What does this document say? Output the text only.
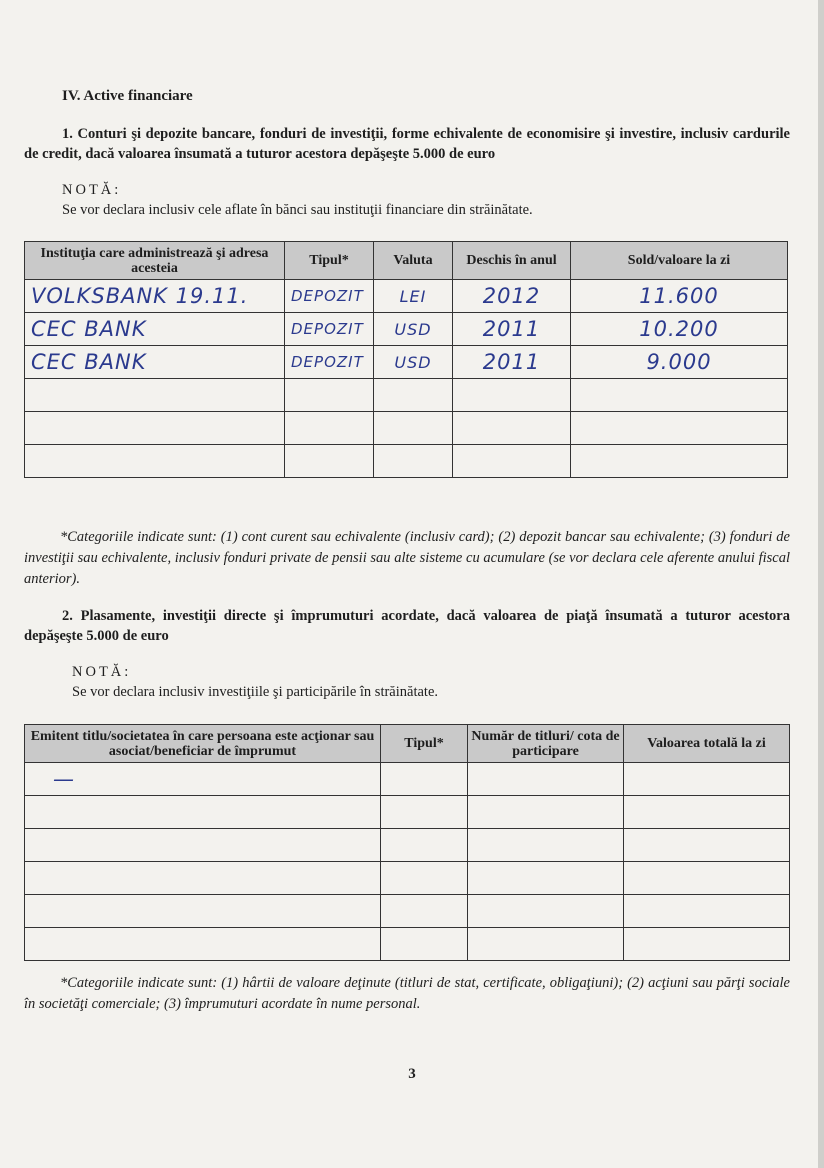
IV. Active financiare
1. Conturi şi depozite bancare, fonduri de investiţii, forme echivalente de economisire şi investire, inclusiv cardurile de credit, dacă valoarea însumată a tuturor acestora depăşeşte 5.000 de euro
NOTĂ:
Se vor declara inclusiv cele aflate în bănci sau instituţii financiare din străinătate.
Instituţia care administrează şi adresa acesteia	Tipul*	Valuta	Deschis în anul	Sold/valoare la zi
VOLKSBANK 19.11.	DEPOZIT	LEI	2012	11.600
CEC BANK	DEPOZIT	USD	2011	10.200
CEC BANK	DEPOZIT	USD	2011	9.000

*Categoriile indicate sunt: (1) cont curent sau echivalente (inclusiv card); (2) depozit bancar sau echivalente; (3) fonduri de investiţii sau echivalente, inclusiv fonduri private de pensii sau alte sisteme cu acumulare (se vor declara cele aferente anului fiscal anterior).
2. Plasamente, investiţii directe şi împrumuturi acordate, dacă valoarea de piaţă însumată a tuturor acestora depăşeşte 5.000 de euro
NOTĂ:
Se vor declara inclusiv investiţiile şi participările în străinătate.
Emitent titlu/societatea în care persoana este acţionar sau asociat/beneficiar de împrumut	Tipul*	Număr de titluri/ cota de participare	Valoarea totală la zi
—			

*Categoriile indicate sunt: (1) hârtii de valoare deţinute (titluri de stat, certificate, obligaţiuni); (2) acţiuni sau părţi sociale în societăţi comerciale; (3) împrumuturi acordate în nume personal.
3
